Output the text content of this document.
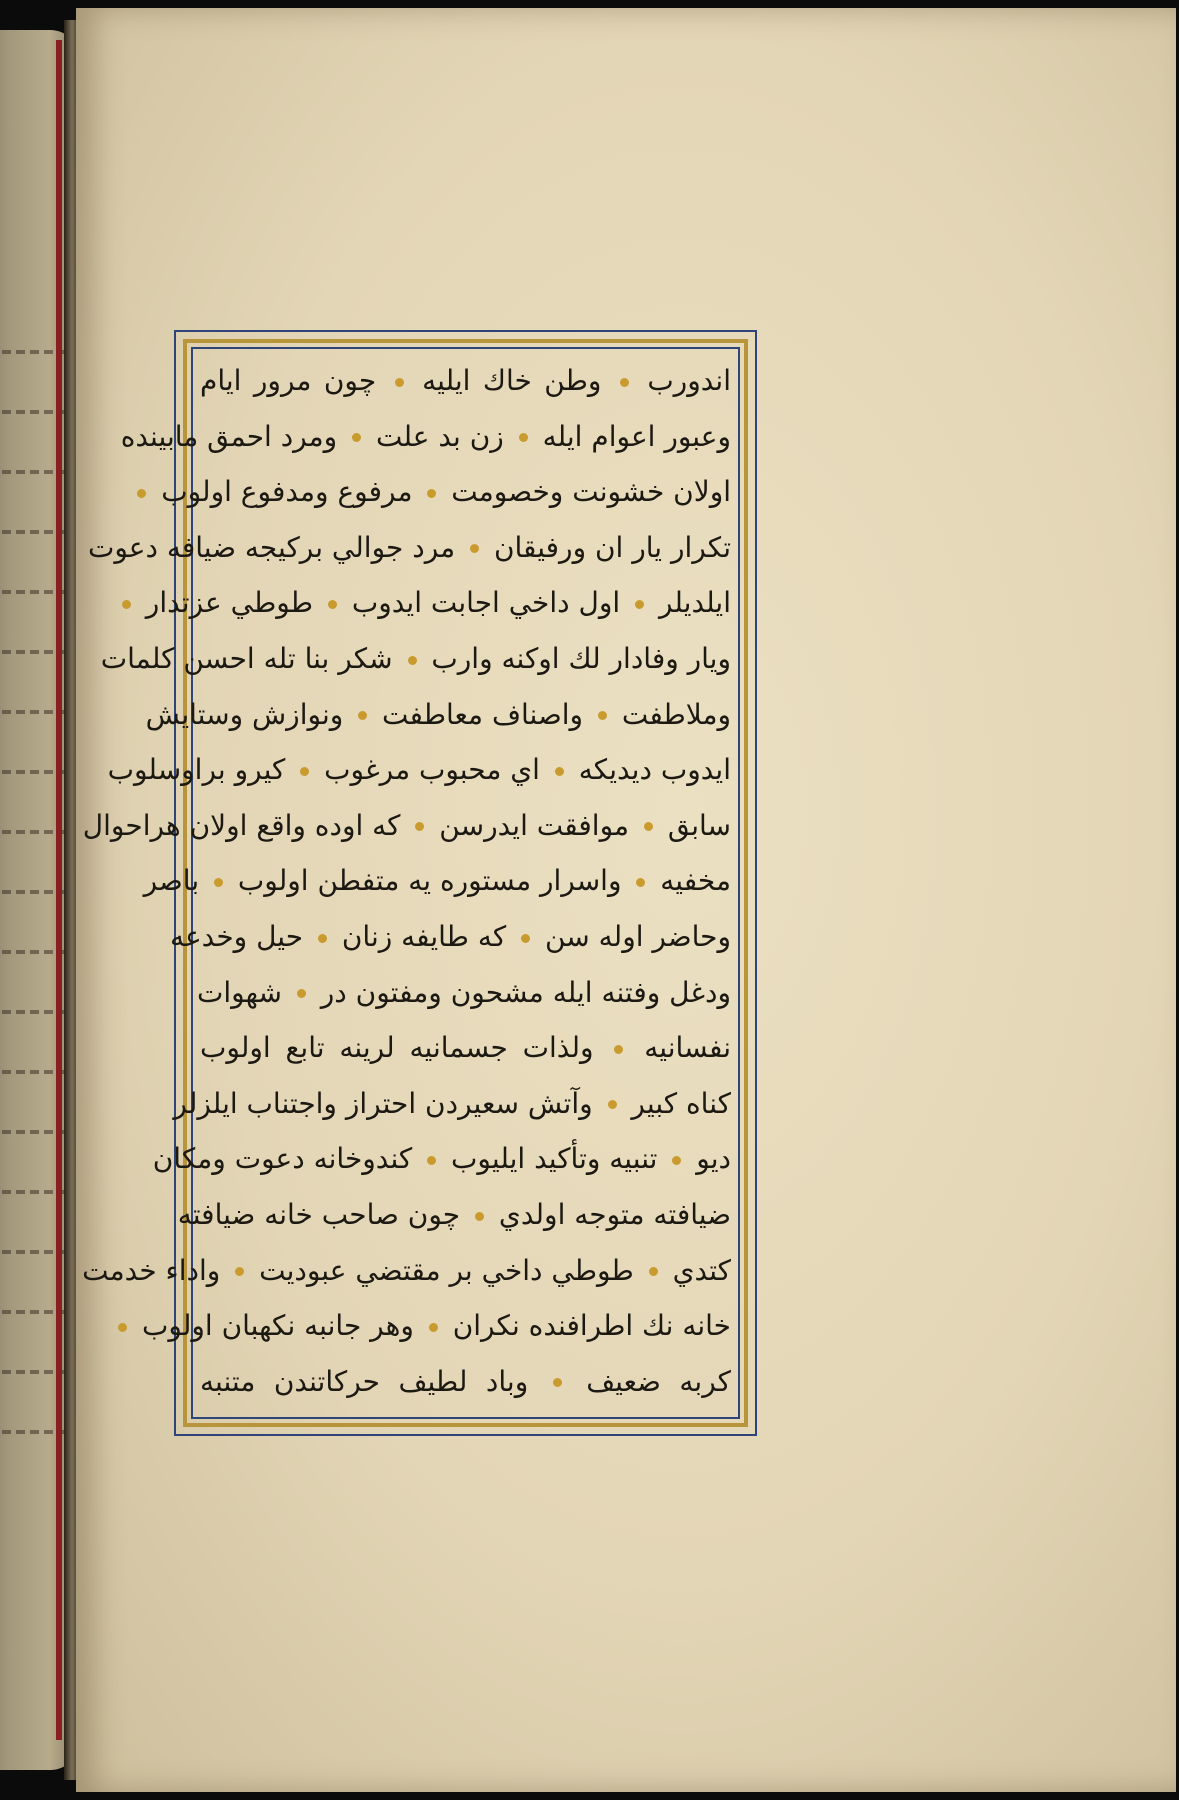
اندورب  وطن خاك ايليه  چون مرور ايام
وعبور اعوام ايله  زن بد علت  ومرد احمق مابينده
اولان خشونت وخصومت  مرفوع ومدفوع اولوب
تكرار يار ان ورفيقان  مرد جوالي بركيجه ضيافه دعوت
ايلديلر  اول داخي اجابت ايدوب  طوطي عزتدار
ويار وفادار لك اوكنه وارب  شكر بنا تله احسن كلمات
وملاطفت  واصناف معاطفت  ونوازش وستايش
ايدوب ديديكه  اي محبوب مرغوب  كيرو براوسلوب
سابق  موافقت ايدرسن  كه اوده واقع اولان هراحوال
مخفيه  واسرار مستوره يه متفطن اولوب  باصر
وحاضر اوله سن  كه طايفه زنان  حيل وخدعه
ودغل وفتنه ايله مشحون ومفتون در  شهوات
نفسانيه  ولذات جسمانيه لرينه تابع اولوب
كناه كبير  وآتش سعيردن احتراز واجتناب ايلزلر
ديو  تنبيه وتأكيد ايليوب  كندوخانه دعوت ومكان
ضيافته متوجه اولدي  چون صاحب خانه ضيافته
كتدي  طوطي داخي بر مقتضي عبوديت  واداء خدمت
خانه نك اطرافنده نكران  وهر جانبه نكهبان اولوب
كربه ضعيف  وباد لطيف حركاتندن متنبه
